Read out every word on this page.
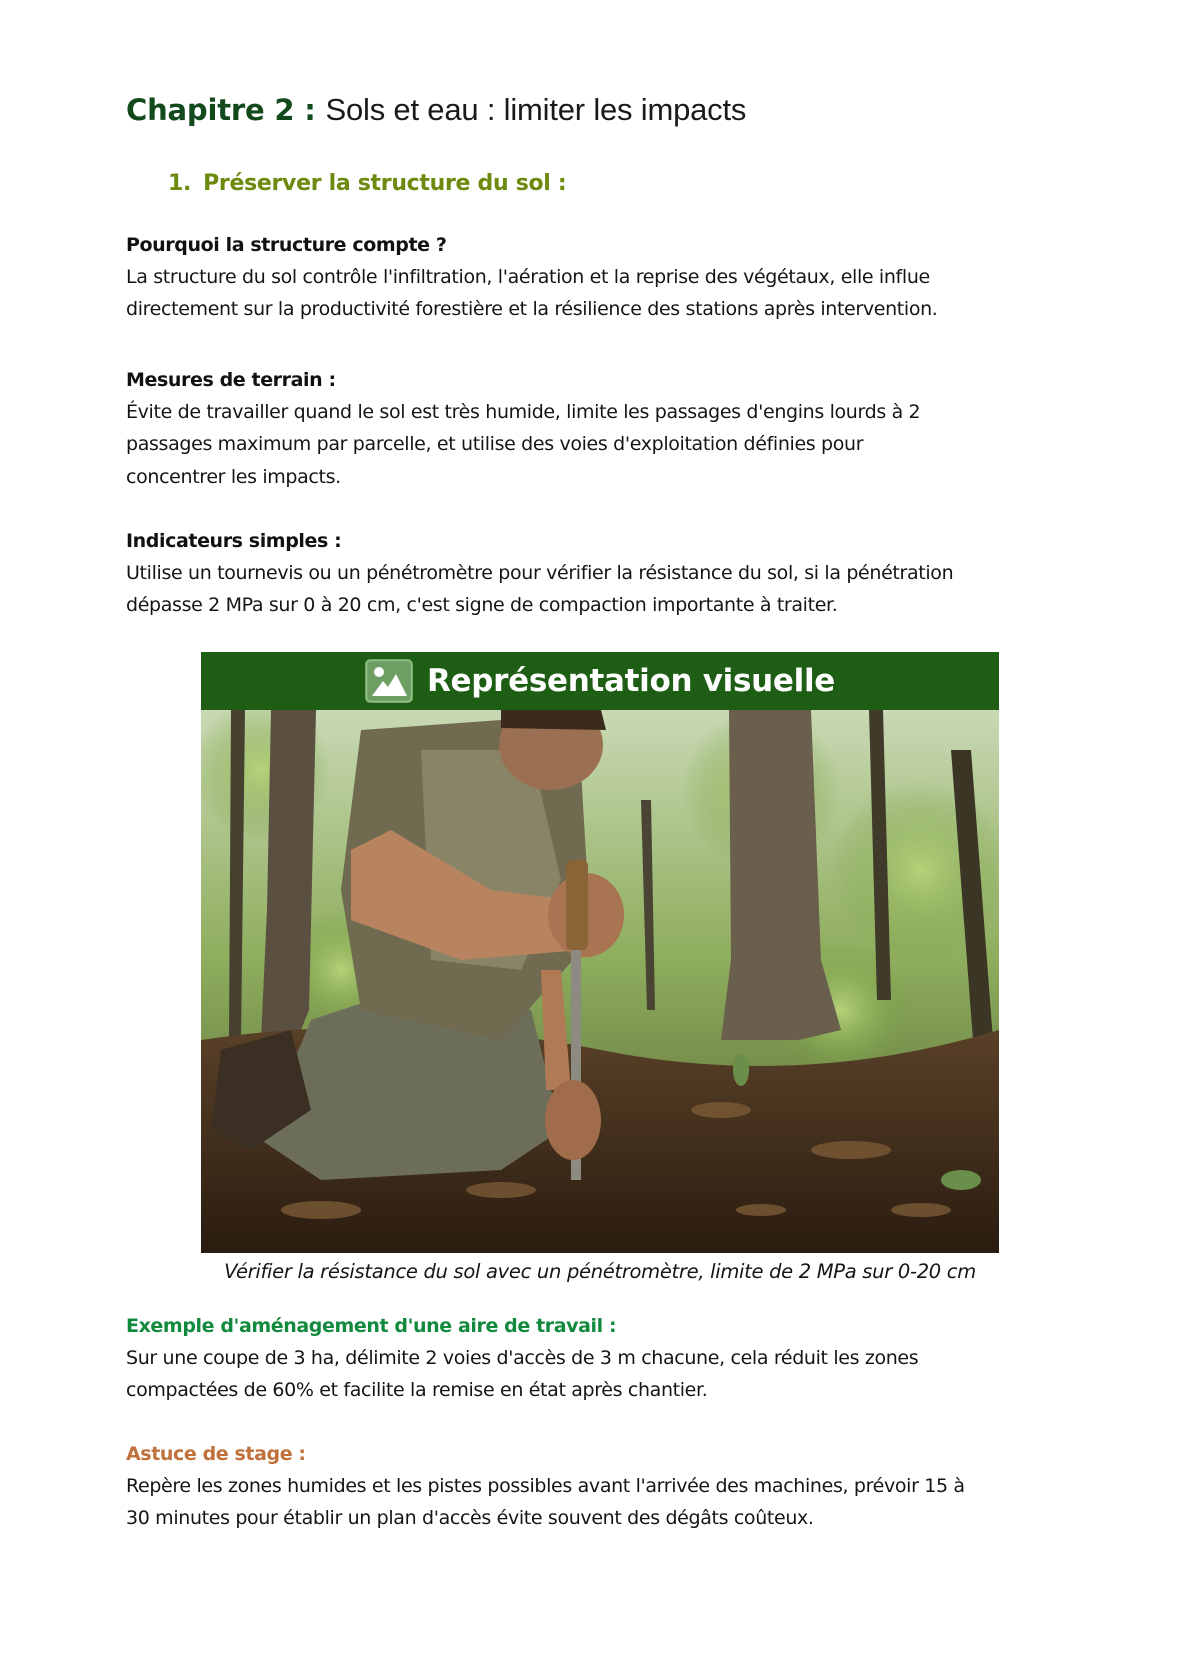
Chapitre 2 : Sols et eau : limiter les impacts
1. Préserver la structure du sol :
Pourquoi la structure compte ?
La structure du sol contrôle l'infiltration, l'aération et la reprise des végétaux, elle influe
directement sur la productivité forestière et la résilience des stations après intervention.
Mesures de terrain :
Évite de travailler quand le sol est très humide, limite les passages d'engins lourds à 2
passages maximum par parcelle, et utilise des voies d'exploitation définies pour
concentrer les impacts.
Indicateurs simples :
Utilise un tournevis ou un pénétromètre pour vérifier la résistance du sol, si la pénétration
dépasse 2 MPa sur 0 à 20 cm, c'est signe de compaction importante à traiter.
Représentation visuelle
Vérifier la résistance du sol avec un pénétromètre, limite de 2 MPa sur 0-20 cm
Exemple d'aménagement d'une aire de travail :
Sur une coupe de 3 ha, délimite 2 voies d'accès de 3 m chacune, cela réduit les zones
compactées de 60% et facilite la remise en état après chantier.
Astuce de stage :
Repère les zones humides et les pistes possibles avant l'arrivée des machines, prévoir 15 à
30 minutes pour établir un plan d'accès évite souvent des dégâts coûteux.
